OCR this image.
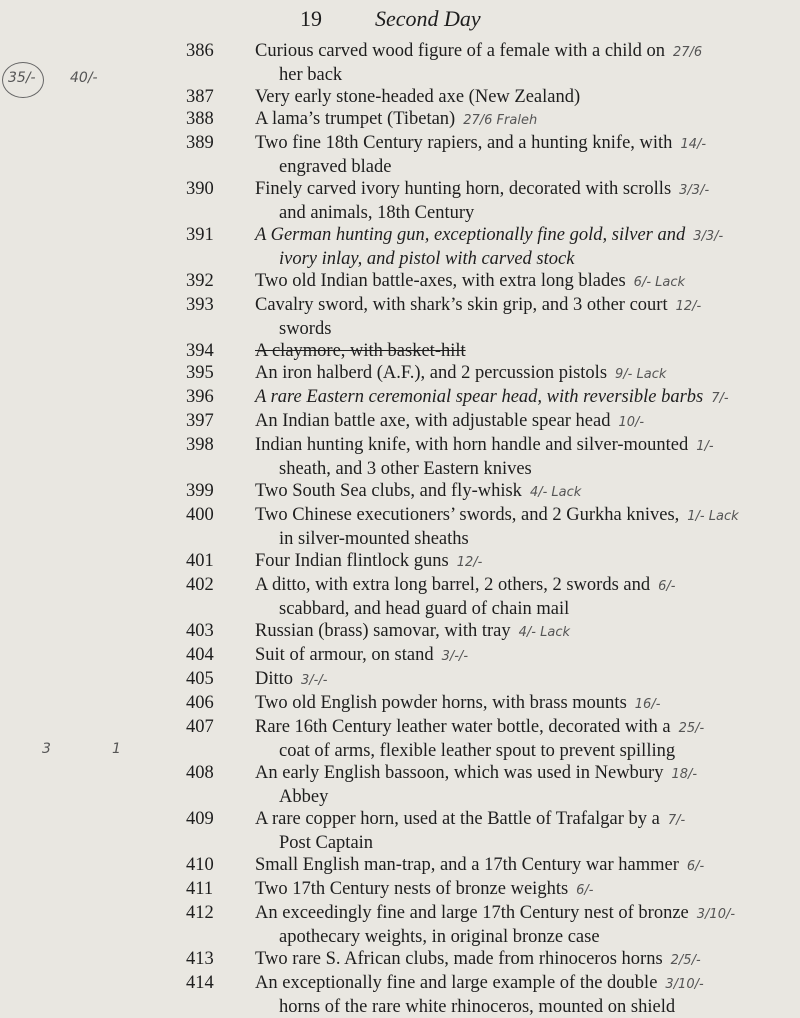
19 Second Day
35/- 40/-
3	1
386	Curious carved wood figure of a female with a child on 27/6
her back
387	Very early stone-headed axe (New Zealand)
388	A lama’s trumpet (Tibetan) 27/6 Fraleh
389	Two fine 18th Century rapiers, and a hunting knife, with 14/-
engraved blade
390	Finely carved ivory hunting horn, decorated with scrolls 3/3/-
and animals, 18th Century
391	A German hunting gun, exceptionally fine gold, silver and 3/3/-
ivory inlay, and pistol with carved stock
392	Two old Indian battle-axes, with extra long blades 6/- Lack
393	Cavalry sword, with shark’s skin grip, and 3 other court 12/-
swords
394	A claymore, with basket-hilt
395	An iron halberd (A.F.), and 2 percussion pistols 9/- Lack
396	A rare Eastern ceremonial spear head, with reversible barbs 7/-
397	An Indian battle axe, with adjustable spear head 10/-
398	Indian hunting knife, with horn handle and silver-mounted 1/-
sheath, and 3 other Eastern knives
399	Two South Sea clubs, and fly-whisk 4/- Lack
400	Two Chinese executioners’ swords, and 2 Gurkha knives, 1/- Lack
in silver-mounted sheaths
401	Four Indian flintlock guns 12/-
402	A ditto, with extra long barrel, 2 others, 2 swords and 6/-
scabbard, and head guard of chain mail
403	Russian (brass) samovar, with tray 4/- Lack
404	Suit of armour, on stand 3/-/-
405	Ditto 3/-/-
406	Two old English powder horns, with brass mounts 16/-
407	Rare 16th Century leather water bottle, decorated with a 25/-
coat of arms, flexible leather spout to prevent spilling
408	An early English bassoon, which was used in Newbury 18/-
Abbey
409	A rare copper horn, used at the Battle of Trafalgar by a 7/-
Post Captain
410	Small English man-trap, and a 17th Century war hammer 6/-
411	Two 17th Century nests of bronze weights 6/-
412	An exceedingly fine and large 17th Century nest of bronze 3/10/-
apothecary weights, in original bronze case
413	Two rare S. African clubs, made from rhinoceros horns 2/5/-
414	An exceptionally fine and large example of the double 3/10/-
horns of the rare white rhinoceros, mounted on shield
